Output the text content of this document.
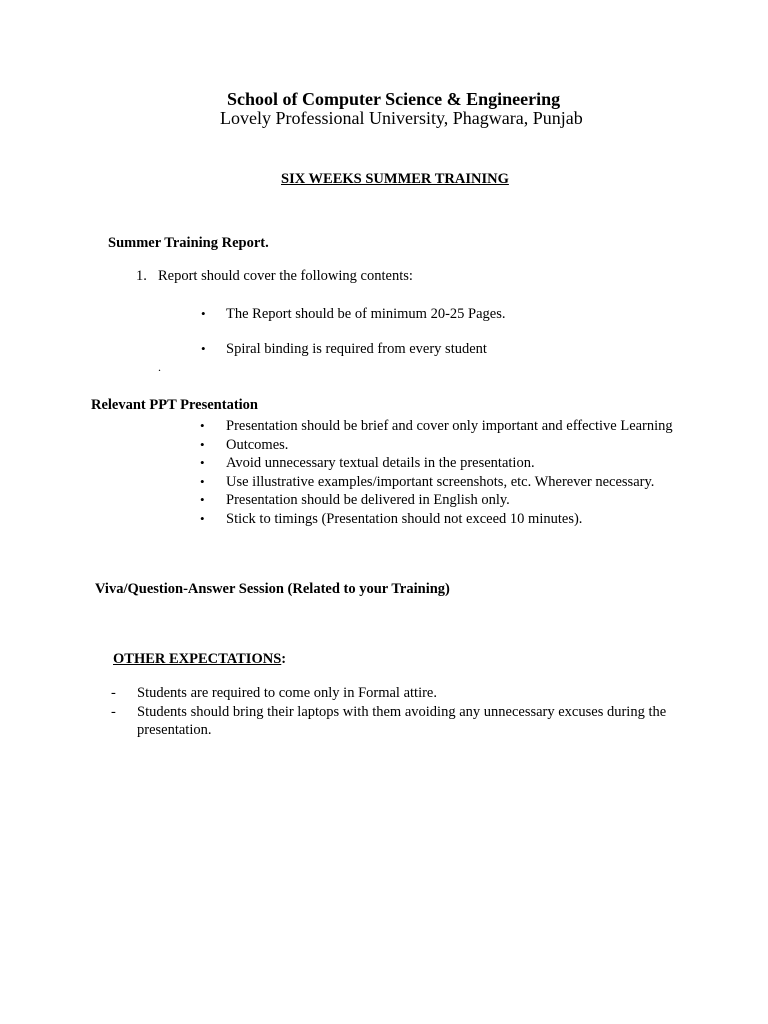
School of Computer Science & Engineering
Lovely Professional University, Phagwara, Punjab
SIX WEEKS SUMMER TRAINING
Summer Training Report.
1. Report should cover the following contents:
• The Report should be of minimum 20-25 Pages.
• Spiral binding is required from every student
.
Relevant PPT Presentation
• Presentation should be brief and cover only important and effective Learning
• Outcomes.
• Avoid unnecessary textual details in the presentation.
• Use illustrative examples/important screenshots, etc. Wherever necessary.
• Presentation should be delivered in English only.
• Stick to timings (Presentation should not exceed 10 minutes).
Viva/Question-Answer Session (Related to your Training)
OTHER EXPECTATIONS:
- Students are required to come only in Formal attire.
- Students should bring their laptops with them avoiding any unnecessary excuses during the presentation.
